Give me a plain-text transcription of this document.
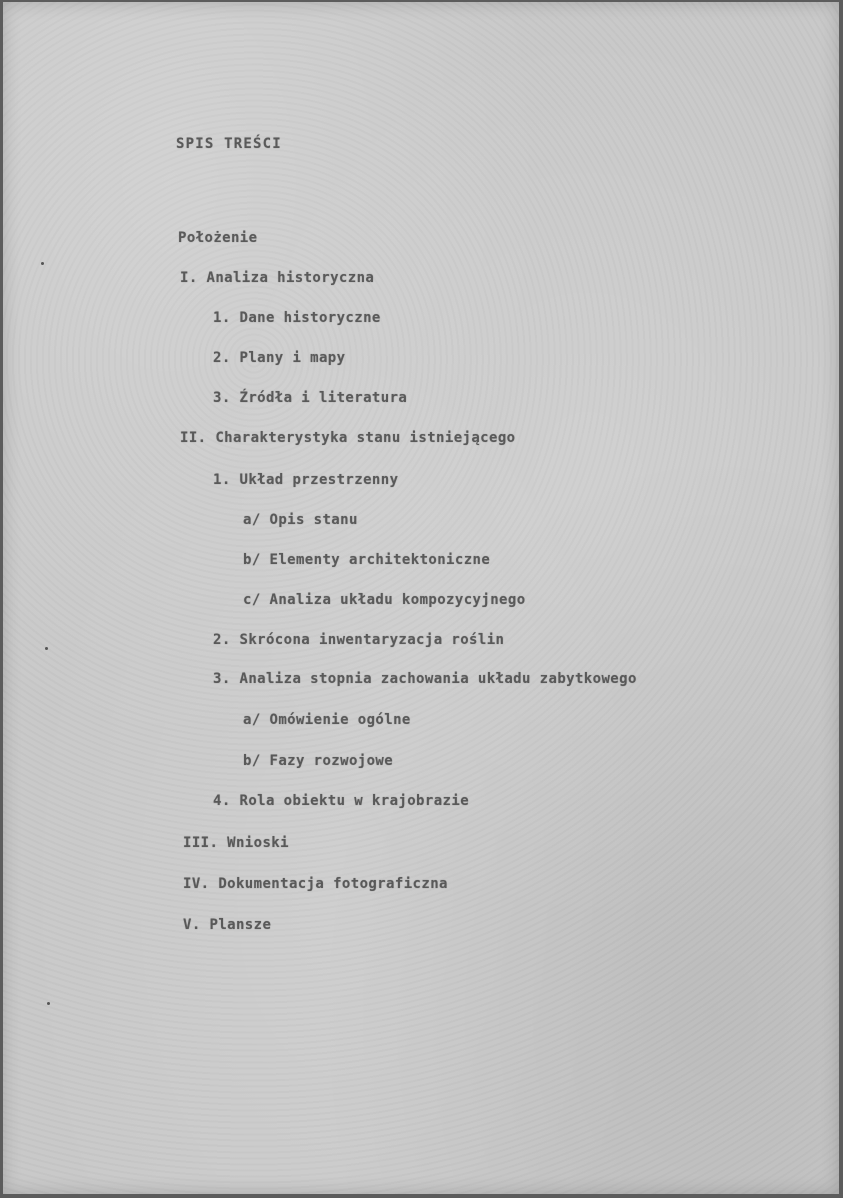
SPIS TREŚCI
Położenie
I. Analiza historyczna
1. Dane historyczne
2. Plany i mapy
3. Źródła i literatura
II. Charakterystyka stanu istniejącego
1. Układ przestrzenny
a/ Opis stanu
b/ Elementy architektoniczne
c/ Analiza układu kompozycyjnego
2. Skrócona inwentaryzacja roślin
3. Analiza stopnia zachowania układu zabytkowego
a/ Omówienie ogólne
b/ Fazy rozwojowe
4. Rola obiektu w krajobrazie
III. Wnioski
IV. Dokumentacja fotograficzna
V. Plansze
